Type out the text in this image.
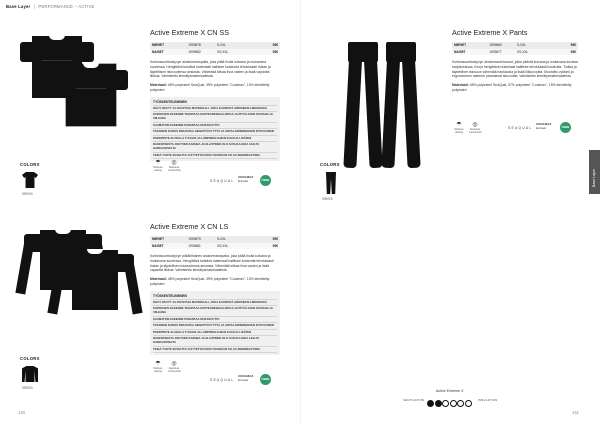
Base Layer | PERFORMANCE – ACTIVE
COLORS
999000
COLORS
999000
COLORS
999000
Active Extreme X CN SS
MIEHET	1909678	S-XXL	55€
NAISET	1909682	XS-XXL	55€
Korkeasuorituskyvyn aluskerrastopaita, joka pitää iholla kuivana ja mukavana suoriessa. Hengittävä kestävä materiaali hallitsee kosteutta tehokkaasti tiukan ja täydellisen istuvuutensa ansiosta. Vähentää kitkaa ihoa vasten ja lisää vapautta liikkua. Valmistettu kierrätysmateriaaleista.
Materiaali: 48% polyesteri SeaQual, 39% polyesteri "Coolmax", 13% kierrätetty polyesteri
TYÖSKENTELEMINEN
OHUT, KEVYT JA JOUSTAVA MATERIAALI, JOKA EI KIRISTÄ ARKISEKSI LIIKKEESSÄ
KUDOKSEN RAKENNE TEHOSTAA KOSTEUDENHALLINTAA JA PITÄÄ IHOSI KUIVANA JA VIILEÄNÄ
SAUMATON RAKENNE PARANTAA MUKAVUUTTA
TASAINEN KUDOS PARANTAA HENGITTÄVYYTTÄ JA ANTAA ERINOMAISEN ISTUVUUDEN
PAINOPISTE ALUEILLA TUULEN JA LÄMPIMÄN ILMAN KULKUA LISÄTEN
RAKENTEESTA JOHTUEN KARHEA JA ELASTINEN OLO SUOJAA IHOA LIIALTA HANKAUKSELTA
TIHEÄ TUOTE SOVELTUU KÄYTETTÄVÄKSI YKSINÄÄN TAI ALUSKERRASTONA
☂
Moisture wicking
◎
Seamless construction
SEAQUAL
COOLMAX
Ecomade	FIBRE
Active Extreme X Pants
MIEHET	1909683	S-XXL	59€
NAISET	1909677	XS-XXL	59€
Korkeasuorituskyvyn aluskerrastohousut, jotka pitävät kuivana ja mukavana kovissa harjoituksissa. Kevyt hengittävä materiaali hallitsee tehokkaasti kosteutta. Tiukka ja täydellinen istuvuus vähentää hankausta ja lisää liikkuvuutta. Muotoiltu vyötärö ja ergonominen rakenne parantavat istuvuutta. Valmistettu kierrätysmateriaaleista.
Materiaali: 48% polyesteri SeaQual, 37% polyesteri "Coolmax", 15% kierrätetty polyesteri
☂
Moisture wicking
◎
Seamless construction
SEAQUAL
COOLMAX
Ecomade	FIBRE
Active Extreme X CN LS
MIEHET	1909679	S-XXL	59€
NAISET	1909681	XS-XXL	59€
Korkeasuorituskyvyn pitkähihainen aluskerrastopaita, joka pitää iholla kuivana ja mukavana suoriessa. Hengittävä kestävä materiaali hallitsee kosteutta tehokkaasti tiukan ja täydellisen istuvuutensa ansiosta. Vähentää kitkaa ihoa vasten ja lisää vapautta liikkua. Valmistettu kierrätysmateriaaleista.
Materiaali: 48% polyesteri SeaQual, 39% polyesteri "Coolmax", 13% kierrätetty polyesteri
TYÖSKENTELEMINEN
OHUT, KEVYT JA JOUSTAVA MATERIAALI, JOKA EI KIRISTÄ ARKISEKSI LIIKKEESSÄ
KUDOKSEN RAKENNE TEHOSTAA KOSTEUDENHALLINTAA JA PITÄÄ IHOSI KUIVANA JA VIILEÄNÄ
SAUMATON RAKENNE PARANTAA MUKAVUUTTA
TASAINEN KUDOS PARANTAA HENGITTÄVYYTTÄ JA ANTAA ERINOMAISEN ISTUVUUDEN
PAINOPISTE ALUEILLA TUULEN JA LÄMPIMÄN ILMAN KULKUA LISÄTEN
RAKENTEESTA JOHTUEN KARHEA JA ELASTINEN OLO SUOJAA IHOA LIIALTA HANKAUKSELTA
TIHEÄ TUOTE SOVELTUU KÄYTETTÄVÄKSI YKSINÄÄN TAI ALUSKERRASTONA
☂
Moisture wicking
◎
Seamless construction
SEAQUAL
COOLMAX
Ecomade	FIBRE
Base Layer
Active Extreme X
VENTILATION	INSULATION
140	141
